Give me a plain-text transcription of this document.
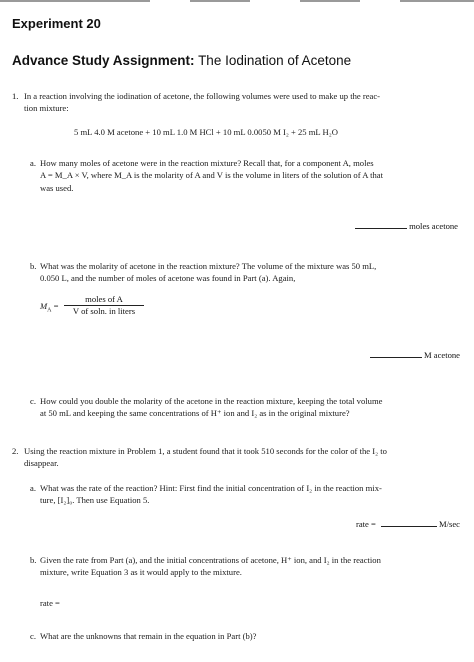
Experiment 20
Advance Study Assignment: The Iodination of Acetone
1. In a reaction involving the iodination of acetone, the following volumes were used to make up the reac-
tion mixture:
5 mL 4.0 M acetone + 10 mL 1.0 M HCl + 10 mL 0.0050 M I₂ + 25 mL H₂O
a. How many moles of acetone were in the reaction mixture? Recall that, for a component A, moles
A = M_A × V, where M_A is the molarity of A and V is the volume in liters of the solution of A that
was used.
moles acetone
b. What was the molarity of acetone in the reaction mixture? The volume of the mixture was 50 mL,
0.050 L, and the number of moles of acetone was found in Part (a). Again,
$M_A$ =
moles of A
V of soln. in liters
M acetone
c. How could you double the molarity of the acetone in the reaction mixture, keeping the total volume
at 50 mL and keeping the same concentrations of H⁺ ion and I₂ as in the original mixture?
2. Using the reaction mixture in Problem 1, a student found that it took 510 seconds for the color of the I₂ to
disappear.
a. What was the rate of the reaction? Hint: First find the initial concentration of I₂ in the reaction mix-
ture, [I₂]₀. Then use Equation 5.
rate =	M/sec
b. Given the rate from Part (a), and the initial concentrations of acetone, H⁺ ion, and I₂ in the reaction
mixture, write Equation 3 as it would apply to the mixture.
rate =
c. What are the unknowns that remain in the equation in Part (b)?
